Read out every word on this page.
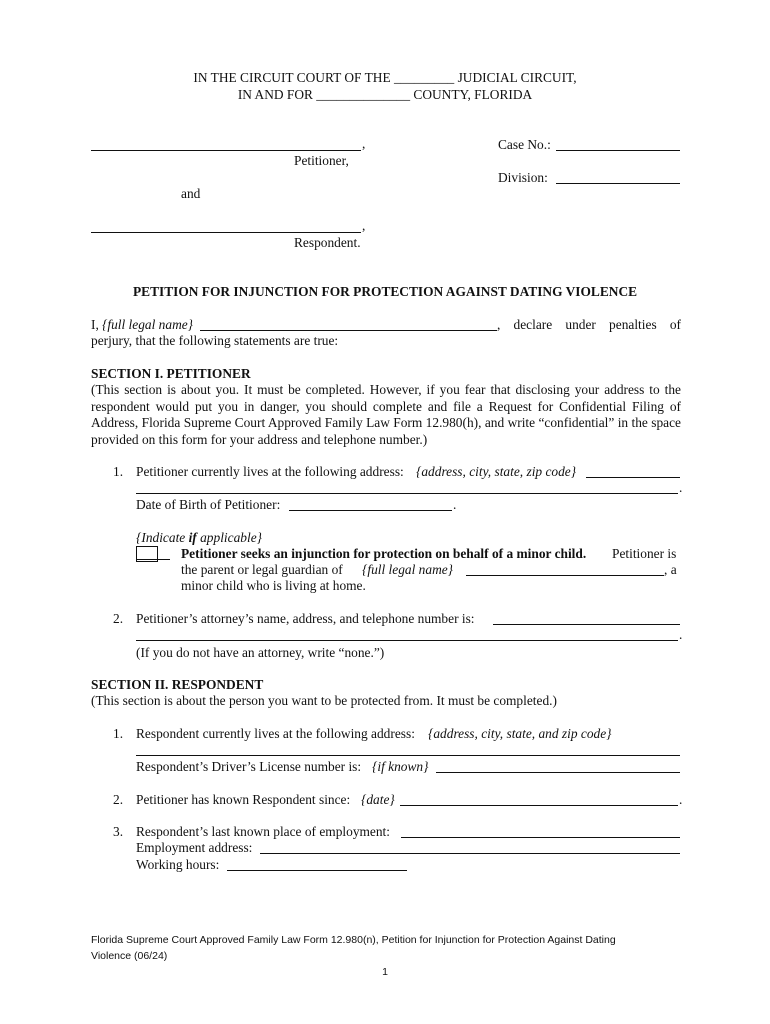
IN THE CIRCUIT COURT OF THE _________ JUDICIAL CIRCUIT,
IN AND FOR ______________ COUNTY, FLORIDA
,
Petitioner,
and
,
Respondent.
Case No.:
Division:
PETITION FOR INJUNCTION FOR PROTECTION AGAINST DATING VIOLENCE
I, {full legal name}	, declare under penalties of
perjury, that the following statements are true:
SECTION I. PETITIONER
(This section is about you. It must be completed. However, if you fear that disclosing your address to the respondent would put you in danger, you should complete and file a Request for Confidential Filing of Address, Florida Supreme Court Approved Family Law Form 12.980(h), and write “confidential” in the space provided on this form for your address and telephone number.)
1. Petitioner currently lives at the following address: {address, city, state, zip code}
.
Date of Birth of Petitioner:	.
{Indicate if applicable}
Petitioner seeks an injunction for protection on behalf of a minor child. Petitioner is
the parent or legal guardian of {full legal name}	, a
minor child who is living at home.
2. Petitioner’s attorney’s name, address, and telephone number is:
.
(If you do not have an attorney, write “none.”)
SECTION II. RESPONDENT
(This section is about the person you want to be protected from. It must be completed.)
1. Respondent currently lives at the following address: {address, city, state, and zip code}
Respondent’s Driver’s License number is: {if known}
2. Petitioner has known Respondent since: {date}	.
3. Respondent’s last known place of employment:
Employment address:
Working hours:
Florida Supreme Court Approved Family Law Form 12.980(n), Petition for Injunction for Protection Against Dating
Violence (06/24)
1
